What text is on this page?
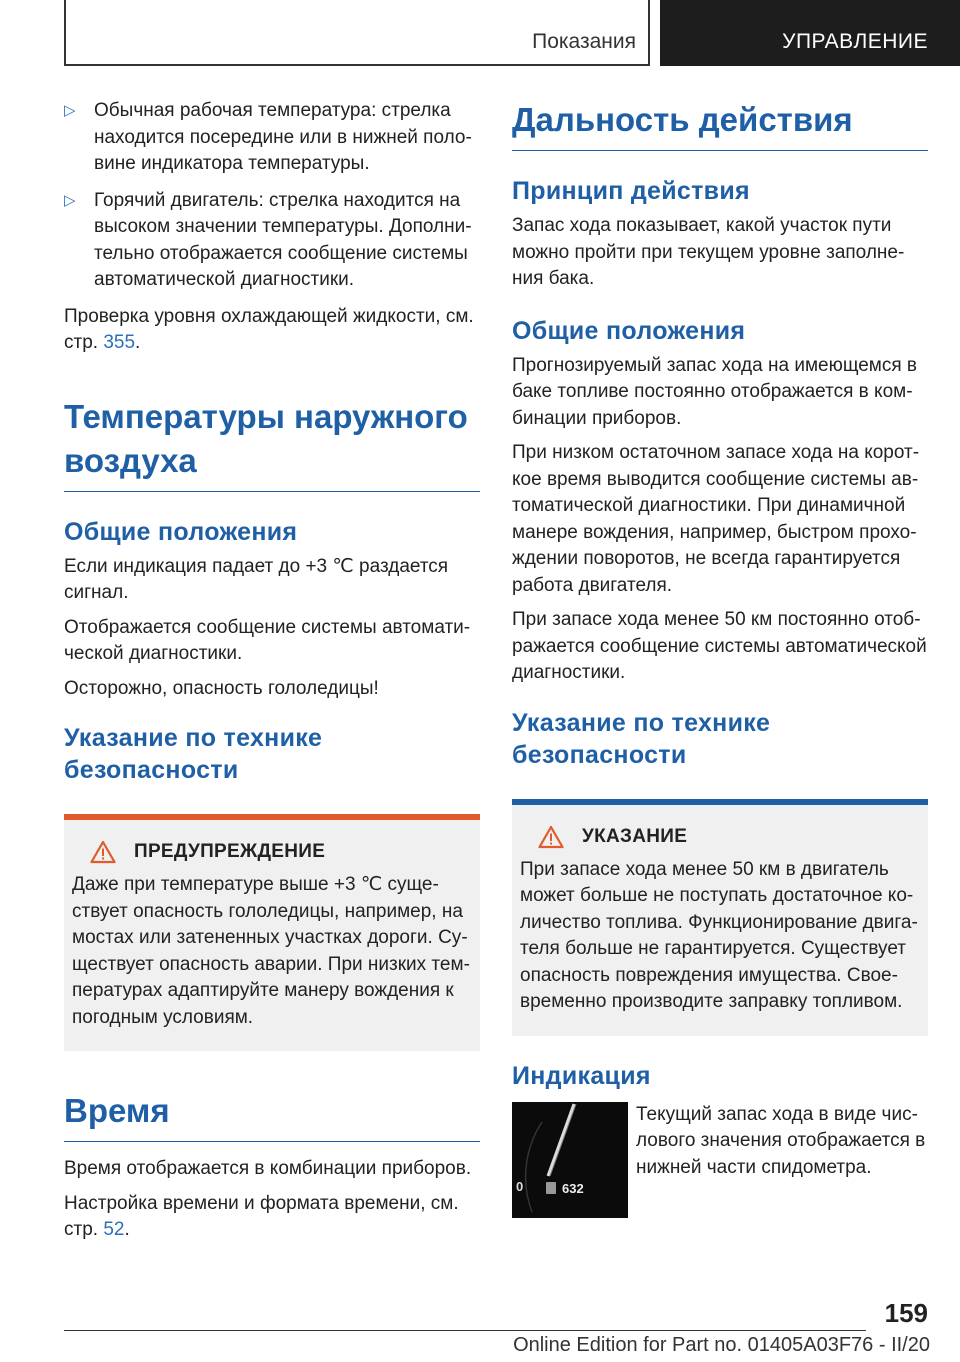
Показания	УПРАВЛЕНИЕ
▷ Обычная рабочая температура: стрелка находится посередине или в нижней половине индикатора температуры.
▷ Горячий двигатель: стрелка находится на высоком значении температуры. Дополнительно отображается сообщение системы автоматической диагностики.

Проверка уровня охлаждающей жидкости, см. стр. 355.

Температуры наружного воздуха
Общие положения

Если индикация падает до +3 ℃ раздается сигнал.

Отображается сообщение системы автоматической диагностики.

Осторожно, опасность гололедицы!

Указание по технике безопасности
ПРЕДУПРЕЖДЕНИЕ

Даже при температуре выше +3 ℃ существует опасность гололедицы, например, на мостах или затененных участках дороги. Существует опасность аварии. При низких температурах адаптируйте манеру вождения к погодным условиям.

Время

Время отображается в комбинации приборов.

Настройка времени и формата времени, см. стр. 52.

Дальность действия
Принцип действия

Запас хода показывает, какой участок пути можно пройти при текущем уровне заполнения бака.

Общие положения

Прогнозируемый запас хода на имеющемся в баке топливе постоянно отображается в комбинации приборов.

При низком остаточном запасе хода на короткое время выводится сообщение системы автоматической диагностики. При динамичной манере вождения, например, быстром прохождении поворотов, не всегда гарантируется работа двигателя.

При запасе хода менее 50 км постоянно отображается сообщение системы автоматической диагностики.

Указание по технике безопасности
УКАЗАНИЕ

При запасе хода менее 50 км в двигатель может больше не поступать достаточное количество топлива. Функционирование двигателя больше не гарантируется. Существует опасность повреждения имущества. Своевременно производите заправку топливом.

Индикация
0	632

Текущий запас хода в виде числового значения отображается в нижней части спидометра.

159
Online Edition for Part no. 01405A03F76 - II/20
